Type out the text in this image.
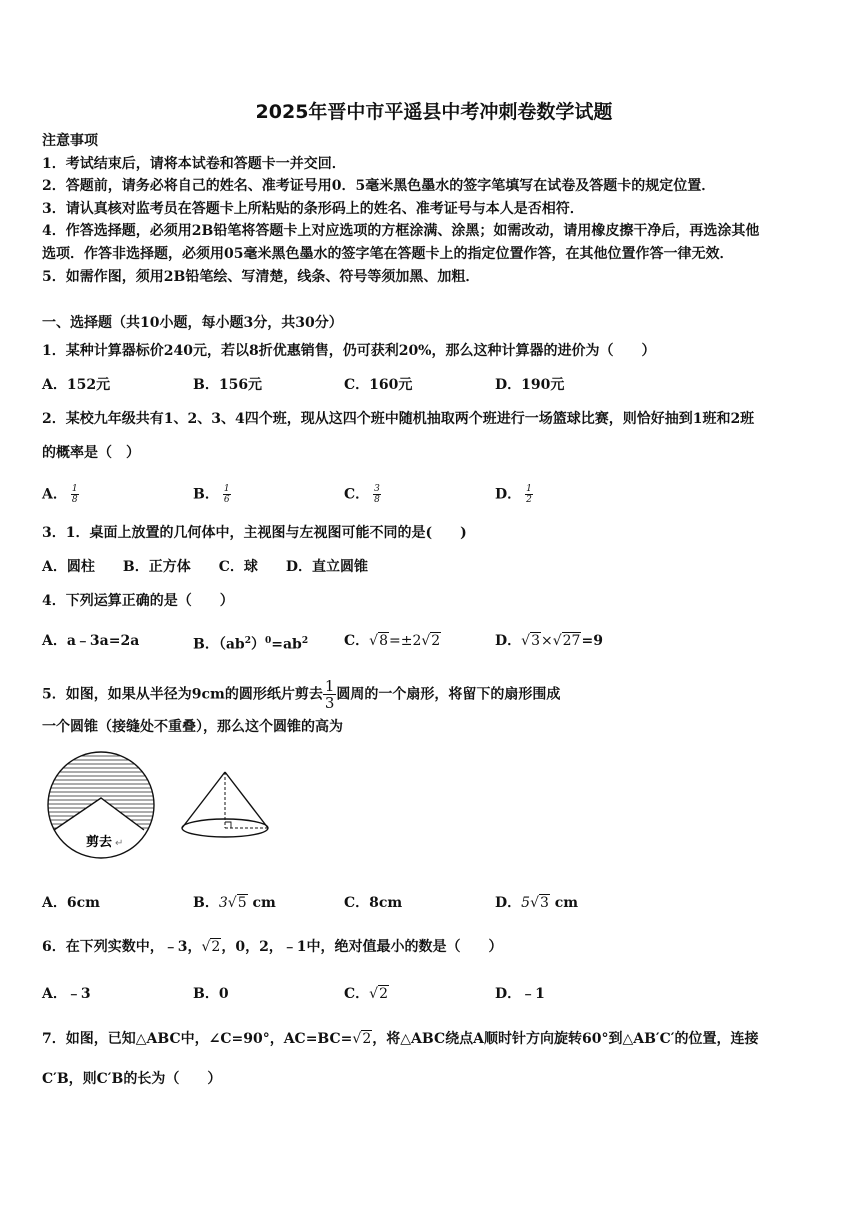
2025年晋中市平遥县中考冲刺卷数学试题
注意事项
1．考试结束后，请将本试卷和答题卡一并交回．
2．答题前，请务必将自己的姓名、准考证号用0．5毫米黑色墨水的签字笔填写在试卷及答题卡的规定位置．
3．请认真核对监考员在答题卡上所粘贴的条形码上的姓名、准考证号与本人是否相符．
4．作答选择题，必须用2B铅笔将答题卡上对应选项的方框涂满、涂黑；如需改动，请用橡皮擦干净后，再选涂其他
选项．作答非选择题，必须用05毫米黑色墨水的签字笔在答题卡上的指定位置作答，在其他位置作答一律无效．
5．如需作图，须用2B铅笔绘、写清楚，线条、符号等须加黑、加粗．
一、选择题（共10小题，每小题3分，共30分）
1．某种计算器标价240元，若以8折优惠销售，仍可获利20%，那么这种计算器的进价为（　　）
A．152元	B．156元	C．160元	D．190元
2．某校九年级共有1、2、3、4四个班，现从这四个班中随机抽取两个班进行一场篮球比赛，则恰好抽到1班和2班
的概率是（　）
A． $\frac{1}{8}$	B． $\frac{1}{6}$	C． $\frac{3}{8}$	D． $\frac{1}{2}$
3．1．桌面上放置的几何体中，主视图与左视图可能不同的是(　　)
A．圆柱　　B．正方体　　C．球　　D．直立圆锥
4．下列运算正确的是（　　）
A．a﹣3a=2a	B．$(ab^2)^0=ab^2$	C．√8=±2√2	D．√3×√27=9
5．如图，如果从半径为9cm的圆形纸片剪去 $\frac{1}{3}$ 圆周的一个扇形，将留下的扇形围成
一个圆锥（接缝处不重叠），那么这个圆锥的高为
剪去 ↵
A．6cm	B．3√5 cm	C．8cm	D．5√3 cm
6．在下列实数中，﹣3，√2，0，2，﹣1中，绝对值最小的数是（　　）
A．﹣3	B．0	C．√2	D．﹣1
7．如图，已知△ABC中，∠C=90°，AC=BC=√2，将△ABC绕点A顺时针方向旋转60°到△AB′C′的位置，连接
C′B，则C′B的长为（　　）
